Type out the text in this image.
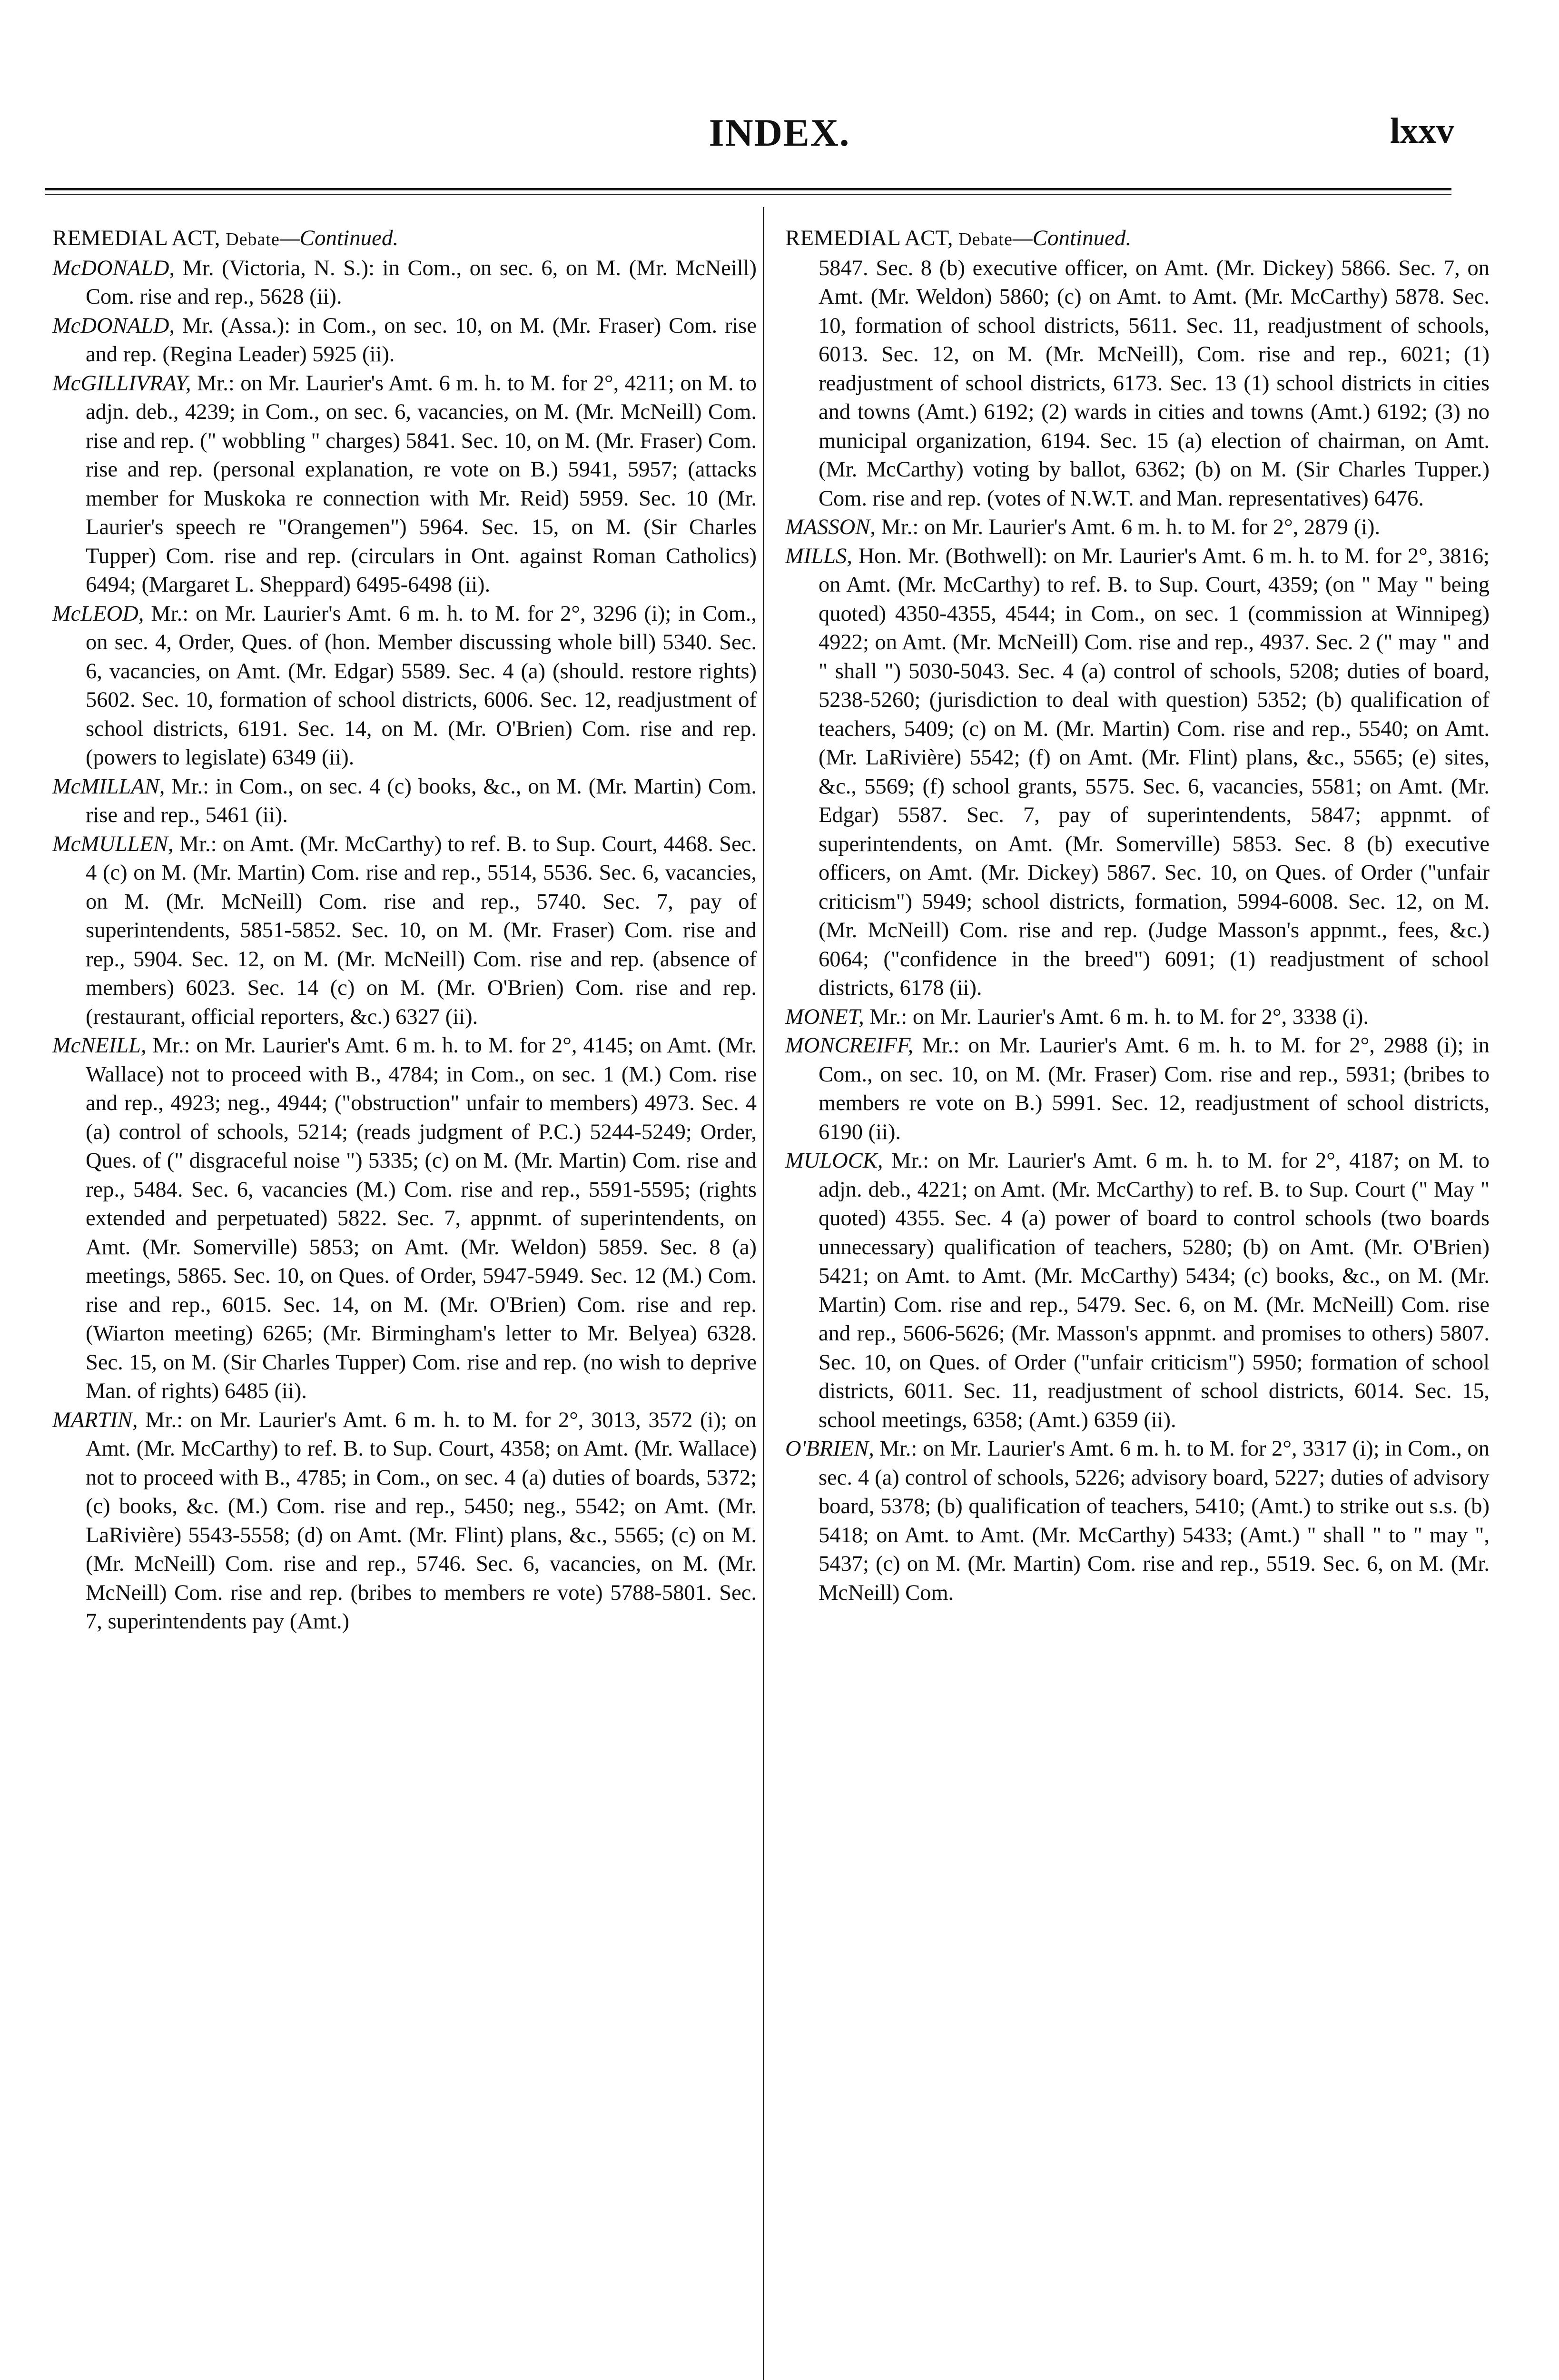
INDEX.	lxxv

REMEDIAL ACT, Debate—Continued.

McDONALD, Mr. (Victoria, N. S.): in Com., on sec. 6, on M. (Mr. McNeill) Com. rise and rep., 5628 (ii).

McDONALD, Mr. (Assa.): in Com., on sec. 10, on M. (Mr. Fraser) Com. rise and rep. (Regina Leader) 5925 (ii).

McGILLIVRAY, Mr.: on Mr. Laurier's Amt. 6 m. h. to M. for 2°, 4211; on M. to adjn. deb., 4239; in Com., on sec. 6, vacancies, on M. (Mr. McNeill) Com. rise and rep. (" wobbling " charges) 5841. Sec. 10, on M. (Mr. Fraser) Com. rise and rep. (personal explanation, re vote on B.) 5941, 5957; (attacks member for Muskoka re connection with Mr. Reid) 5959. Sec. 10 (Mr. Laurier's speech re "Orangemen") 5964. Sec. 15, on M. (Sir Charles Tupper) Com. rise and rep. (circulars in Ont. against Roman Catholics) 6494; (Margaret L. Sheppard) 6495-6498 (ii).

McLEOD, Mr.: on Mr. Laurier's Amt. 6 m. h. to M. for 2°, 3296 (i); in Com., on sec. 4, Order, Ques. of (hon. Member discussing whole bill) 5340. Sec. 6, vacancies, on Amt. (Mr. Edgar) 5589. Sec. 4 (a) (should. restore rights) 5602. Sec. 10, formation of school districts, 6006. Sec. 12, readjustment of school districts, 6191. Sec. 14, on M. (Mr. O'Brien) Com. rise and rep. (powers to legislate) 6349 (ii).

McMILLAN, Mr.: in Com., on sec. 4 (c) books, &c., on M. (Mr. Martin) Com. rise and rep., 5461 (ii).

McMULLEN, Mr.: on Amt. (Mr. McCarthy) to ref. B. to Sup. Court, 4468. Sec. 4 (c) on M. (Mr. Martin) Com. rise and rep., 5514, 5536. Sec. 6, vacancies, on M. (Mr. McNeill) Com. rise and rep., 5740. Sec. 7, pay of superintendents, 5851-5852. Sec. 10, on M. (Mr. Fraser) Com. rise and rep., 5904. Sec. 12, on M. (Mr. McNeill) Com. rise and rep. (absence of members) 6023. Sec. 14 (c) on M. (Mr. O'Brien) Com. rise and rep. (restaurant, official reporters, &c.) 6327 (ii).

McNEILL, Mr.: on Mr. Laurier's Amt. 6 m. h. to M. for 2°, 4145; on Amt. (Mr. Wallace) not to proceed with B., 4784; in Com., on sec. 1 (M.) Com. rise and rep., 4923; neg., 4944; ("obstruction" unfair to members) 4973. Sec. 4 (a) control of schools, 5214; (reads judgment of P.C.) 5244-5249; Order, Ques. of (" disgraceful noise ") 5335; (c) on M. (Mr. Martin) Com. rise and rep., 5484. Sec. 6, vacancies (M.) Com. rise and rep., 5591-5595; (rights extended and perpetuated) 5822. Sec. 7, appnmt. of superintendents, on Amt. (Mr. Somerville) 5853; on Amt. (Mr. Weldon) 5859. Sec. 8 (a) meetings, 5865. Sec. 10, on Ques. of Order, 5947-5949. Sec. 12 (M.) Com. rise and rep., 6015. Sec. 14, on M. (Mr. O'Brien) Com. rise and rep. (Wiarton meeting) 6265; (Mr. Birmingham's letter to Mr. Belyea) 6328. Sec. 15, on M. (Sir Charles Tupper) Com. rise and rep. (no wish to deprive Man. of rights) 6485 (ii).

MARTIN, Mr.: on Mr. Laurier's Amt. 6 m. h. to M. for 2°, 3013, 3572 (i); on Amt. (Mr. McCarthy) to ref. B. to Sup. Court, 4358; on Amt. (Mr. Wallace) not to proceed with B., 4785; in Com., on sec. 4 (a) duties of boards, 5372; (c) books, &c. (M.) Com. rise and rep., 5450; neg., 5542; on Amt. (Mr. LaRivière) 5543-5558; (d) on Amt. (Mr. Flint) plans, &c., 5565; (c) on M. (Mr. McNeill) Com. rise and rep., 5746. Sec. 6, vacancies, on M. (Mr. McNeill) Com. rise and rep. (bribes to members re vote) 5788-5801. Sec. 7, superintendents pay (Amt.)

REMEDIAL ACT, Debate—Continued.

5847. Sec. 8 (b) executive officer, on Amt. (Mr. Dickey) 5866. Sec. 7, on Amt. (Mr. Weldon) 5860; (c) on Amt. to Amt. (Mr. McCarthy) 5878. Sec. 10, formation of school districts, 5611. Sec. 11, readjustment of schools, 6013. Sec. 12, on M. (Mr. McNeill), Com. rise and rep., 6021; (1) readjustment of school districts, 6173. Sec. 13 (1) school districts in cities and towns (Amt.) 6192; (2) wards in cities and towns (Amt.) 6192; (3) no municipal organization, 6194. Sec. 15 (a) election of chairman, on Amt. (Mr. McCarthy) voting by ballot, 6362; (b) on M. (Sir Charles Tupper.) Com. rise and rep. (votes of N.W.T. and Man. representatives) 6476.

MASSON, Mr.: on Mr. Laurier's Amt. 6 m. h. to M. for 2°, 2879 (i).

MILLS, Hon. Mr. (Bothwell): on Mr. Laurier's Amt. 6 m. h. to M. for 2°, 3816; on Amt. (Mr. McCarthy) to ref. B. to Sup. Court, 4359; (on " May " being quoted) 4350-4355, 4544; in Com., on sec. 1 (commission at Winnipeg) 4922; on Amt. (Mr. McNeill) Com. rise and rep., 4937. Sec. 2 (" may " and " shall ") 5030-5043. Sec. 4 (a) control of schools, 5208; duties of board, 5238-5260; (jurisdiction to deal with question) 5352; (b) qualification of teachers, 5409; (c) on M. (Mr. Martin) Com. rise and rep., 5540; on Amt. (Mr. LaRivière) 5542; (f) on Amt. (Mr. Flint) plans, &c., 5565; (e) sites, &c., 5569; (f) school grants, 5575. Sec. 6, vacancies, 5581; on Amt. (Mr. Edgar) 5587. Sec. 7, pay of superintendents, 5847; appnmt. of superintendents, on Amt. (Mr. Somerville) 5853. Sec. 8 (b) executive officers, on Amt. (Mr. Dickey) 5867. Sec. 10, on Ques. of Order ("unfair criticism") 5949; school districts, formation, 5994-6008. Sec. 12, on M. (Mr. McNeill) Com. rise and rep. (Judge Masson's appnmt., fees, &c.) 6064; ("confidence in the breed") 6091; (1) readjustment of school districts, 6178 (ii).

MONET, Mr.: on Mr. Laurier's Amt. 6 m. h. to M. for 2°, 3338 (i).

MONCREIFF, Mr.: on Mr. Laurier's Amt. 6 m. h. to M. for 2°, 2988 (i); in Com., on sec. 10, on M. (Mr. Fraser) Com. rise and rep., 5931; (bribes to members re vote on B.) 5991. Sec. 12, readjustment of school districts, 6190 (ii).

MULOCK, Mr.: on Mr. Laurier's Amt. 6 m. h. to M. for 2°, 4187; on M. to adjn. deb., 4221; on Amt. (Mr. McCarthy) to ref. B. to Sup. Court (" May " quoted) 4355. Sec. 4 (a) power of board to control schools (two boards unnecessary) qualification of teachers, 5280; (b) on Amt. (Mr. O'Brien) 5421; on Amt. to Amt. (Mr. McCarthy) 5434; (c) books, &c., on M. (Mr. Martin) Com. rise and rep., 5479. Sec. 6, on M. (Mr. McNeill) Com. rise and rep., 5606-5626; (Mr. Masson's appnmt. and promises to others) 5807. Sec. 10, on Ques. of Order ("unfair criticism") 5950; formation of school districts, 6011. Sec. 11, readjustment of school districts, 6014. Sec. 15, school meetings, 6358; (Amt.) 6359 (ii).

O'BRIEN, Mr.: on Mr. Laurier's Amt. 6 m. h. to M. for 2°, 3317 (i); in Com., on sec. 4 (a) control of schools, 5226; advisory board, 5227; duties of advisory board, 5378; (b) qualification of teachers, 5410; (Amt.) to strike out s.s. (b) 5418; on Amt. to Amt. (Mr. McCarthy) 5433; (Amt.) " shall " to " may ", 5437; (c) on M. (Mr. Martin) Com. rise and rep., 5519. Sec. 6, on M. (Mr. McNeill) Com.
